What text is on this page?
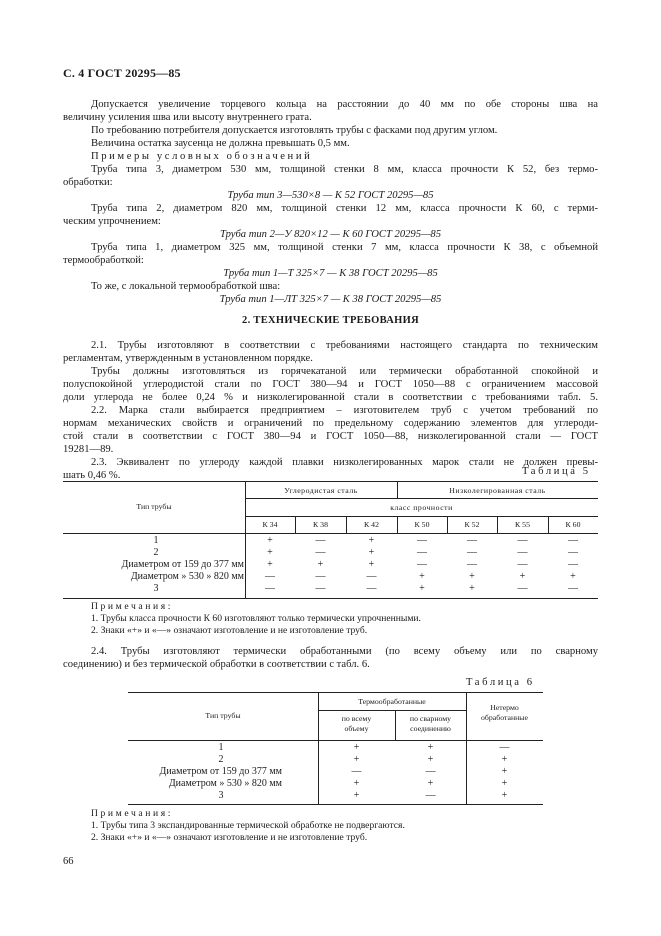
С. 4 ГОСТ 20295—85
Допускается увеличение торцевого кольца на расстоянии до 40 мм по обе стороны шва на
величину усиления шва или высоту внутреннего грата.
По требованию потребителя допускается изготовлять трубы с фасками под другим углом.
Величина остатка заусенца не должна превышать 0,5 мм.
Примеры условных обозначений
Труба типа 3, диаметром 530 мм, толщиной стенки 8 мм, класса прочности К 52, без термо-
обработки:
Труба тип 3—530×8 — К 52 ГОСТ 20295—85
Труба типа 2, диаметром 820 мм, толщиной стенки 12 мм, класса прочности К 60, с терми-
ческим упрочнением:
Труба тип 2—У 820×12 — К 60 ГОСТ 20295—85
Труба типа 1, диаметром 325 мм, толщиной стенки 7 мм, класса прочности К 38, с объемной
термообработкой:
Труба тип 1—Т 325×7 — К 38 ГОСТ 20295—85
То же, с локальной термообработкой шва:
Труба тип 1—ЛТ 325×7 — К 38 ГОСТ 20295—85
2. ТЕХНИЧЕСКИЕ ТРЕБОВАНИЯ
2.1. Трубы изготовляют в соответствии с требованиями настоящего стандарта по техническим
регламентам, утвержденным в установленном порядке.
Трубы должны изготовляться из горячекатаной или термически обработанной спокойной и
полуспокойной углеродистой стали по ГОСТ 380—94 и ГОСТ 1050—88 с ограничением массовой
доли углерода не более 0,24 % и низколегированной стали в соответствии с требованиями табл. 5.
2.2. Марка стали выбирается предприятием – изготовителем труб с учетом требований по
нормам механических свойств и ограничений по предельному содержанию элементов для углероди-
стой стали в соответствии с ГОСТ 380—94 и ГОСТ 1050—88, низколегированной стали — ГОСТ
19281—89.
2.3. Эквивалент по углероду каждой плавки низколегированных марок стали не должен превы-
шать 0,46 %.	Таблица 5
Тип трубы
Углеродистая сталь	Низколегированная сталь
класс прочности
К 34	К 38	К 42	К 50	К 52	К 55	К 60
1	+	—	+	—	—	—	—
2	+	—	+	—	—	—	—
Диаметром от 159 до 377 мм	+	+	+	—	—	—	—
Диаметром » 530 » 820 мм	—	—	—	+	+	+	+
3	—	—	—	+	+	—	—
Примечания:
1. Трубы класса прочности К 60 изготовляют только термически упрочненными.
2. Знаки «+» и «—» означают изготовление и не изготовление труб.
2.4. Трубы изготовляют термически обработанными (по всему объему или по сварному
соединению) и без термической обработки в соответствии с табл. 6.
Таблица 6
Тип трубы
Термообработанные
по всему
объему
по сварному
соединению
Нетермо
обработанные
1	+	+	—
2	+	+	+
Диаметром от 159 до 377 мм	—	—	+
Диаметром » 530 » 820 мм	+	+	+
3	+	—	+
Примечания:
1. Трубы типа 3 экспандированные термической обработке не подвергаются.
2. Знаки «+» и «—» означают изготовление и не изготовление труб.
66
